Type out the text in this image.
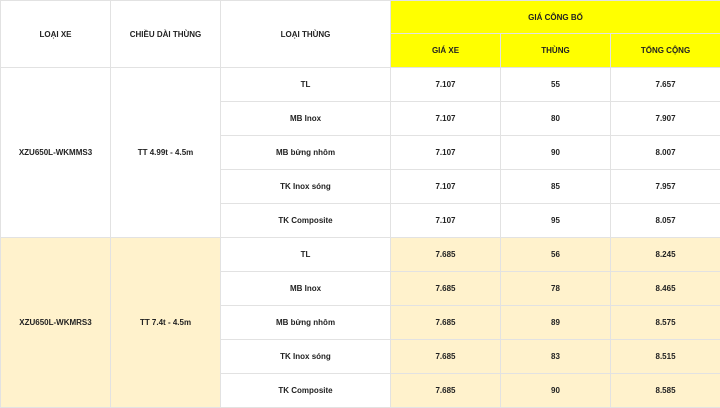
LOẠI XE	CHIỀU DÀI THÙNG	LOẠI THÙNG	GIÁ CÔNG BỐ		
			GIÁ XE	THÙNG	TỔNG CỘNG
XZU650L-WKMMS3	TT 4.99t - 4.5m	TL	7.107	55	7.657
		MB Inox	7.107	80	7.907
		MB bửng nhôm	7.107	90	8.007
		TK Inox sóng	7.107	85	7.957
		TK Composite	7.107	95	8.057
XZU650L-WKMRS3	TT 7.4t - 4.5m	TL	7.685	56	8.245
		MB Inox	7.685	78	8.465
		MB bửng nhôm	7.685	89	8.575
		TK Inox sóng	7.685	83	8.515
		TK Composite	7.685	90	8.585
